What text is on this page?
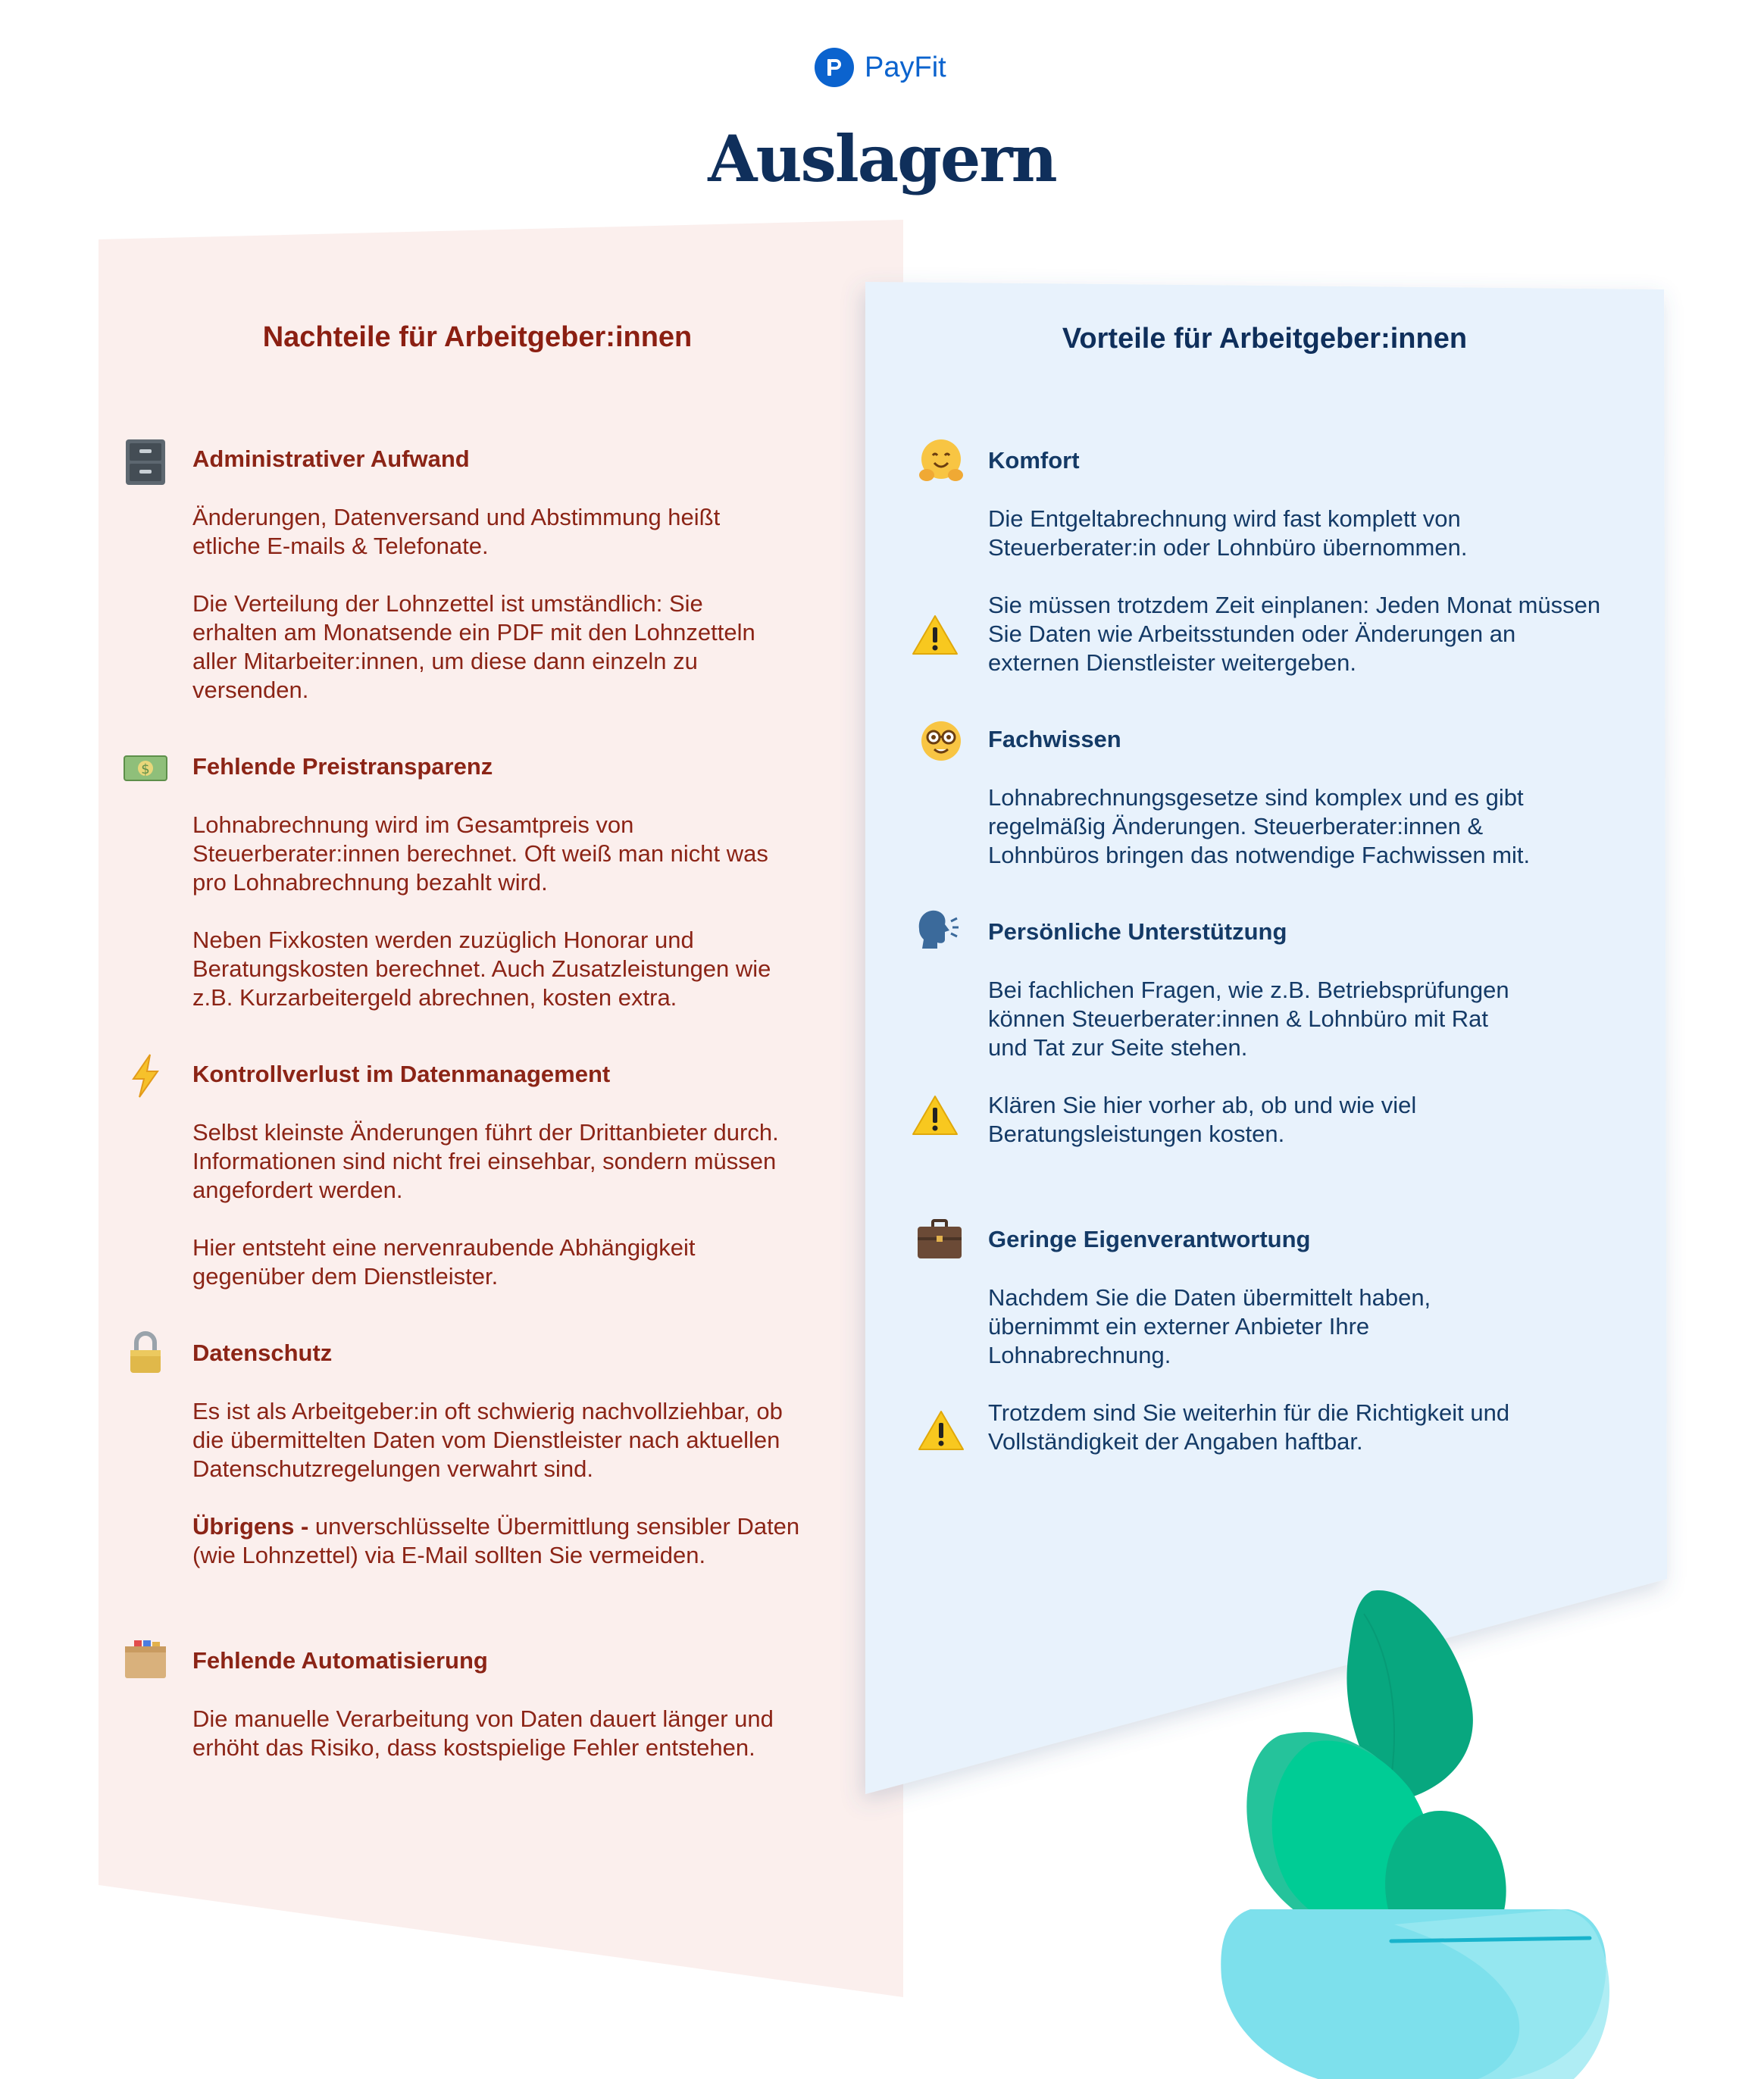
PayFit
Auslagern
Nachteile für Arbeitgeber:innen
Administrativer Aufwand
Änderungen, Datenversand und Abstimmung heißt etliche E-mails & Telefonate.
Die Verteilung der Lohnzettel ist umständlich: Sie erhalten am Monatsende ein PDF mit den Lohnzetteln aller Mitarbeiter:innen, um diese dann einzeln zu versenden.
$ Fehlende Preistransparenz
Lohnabrechnung wird im Gesamtpreis von Steuerberater:innen berechnet. Oft weiß man nicht was pro Lohnabrechnung bezahlt wird.
Neben Fixkosten werden zuzüglich Honorar und Beratungskosten berechnet. Auch Zusatzleistungen wie z.B. Kurzarbeitergeld abrechnen, kosten extra.
Kontrollverlust im Datenmanagement
Selbst kleinste Änderungen führt der Drittanbieter durch. Informationen sind nicht frei einsehbar, sondern müssen angefordert werden.
Hier entsteht eine nervenraubende Abhängigkeit gegenüber dem Dienstleister.
Datenschutz
Es ist als Arbeitgeber:in oft schwierig nachvollziehbar, ob die übermittelten Daten vom Dienstleister nach aktuellen Datenschutzregelungen verwahrt sind.
Übrigens - unverschlüsselte Übermittlung sensibler Daten (wie Lohnzettel) via E-Mail sollten Sie vermeiden.
Fehlende Automatisierung
Die manuelle Verarbeitung von Daten dauert länger und erhöht das Risiko, dass kostspielige Fehler entstehen.
Vorteile für Arbeitgeber:innen
Komfort
Die Entgeltabrechnung wird fast komplett von Steuerberater:in oder Lohnbüro übernommen.
Sie müssen trotzdem Zeit einplanen: Jeden Monat müssen Sie Daten wie Arbeitsstunden oder Änderungen an externen Dienstleister weitergeben.
Fachwissen
Lohnabrechnungsgesetze sind komplex und es gibt regelmäßig Änderungen. Steuerberater:innen & Lohnbüros bringen das notwendige Fachwissen mit.
Persönliche Unterstützung
Bei fachlichen Fragen, wie z.B. Betriebsprüfungen können Steuerberater:innen & Lohnbüro mit Rat und Tat zur Seite stehen.
Klären Sie hier vorher ab, ob und wie viel Beratungsleistungen kosten.
Geringe Eigenverantwortung
Nachdem Sie die Daten übermittelt haben, übernimmt ein externer Anbieter Ihre Lohnabrechnung.
Trotzdem sind Sie weiterhin für die Richtigkeit und Vollständigkeit der Angaben haftbar.
